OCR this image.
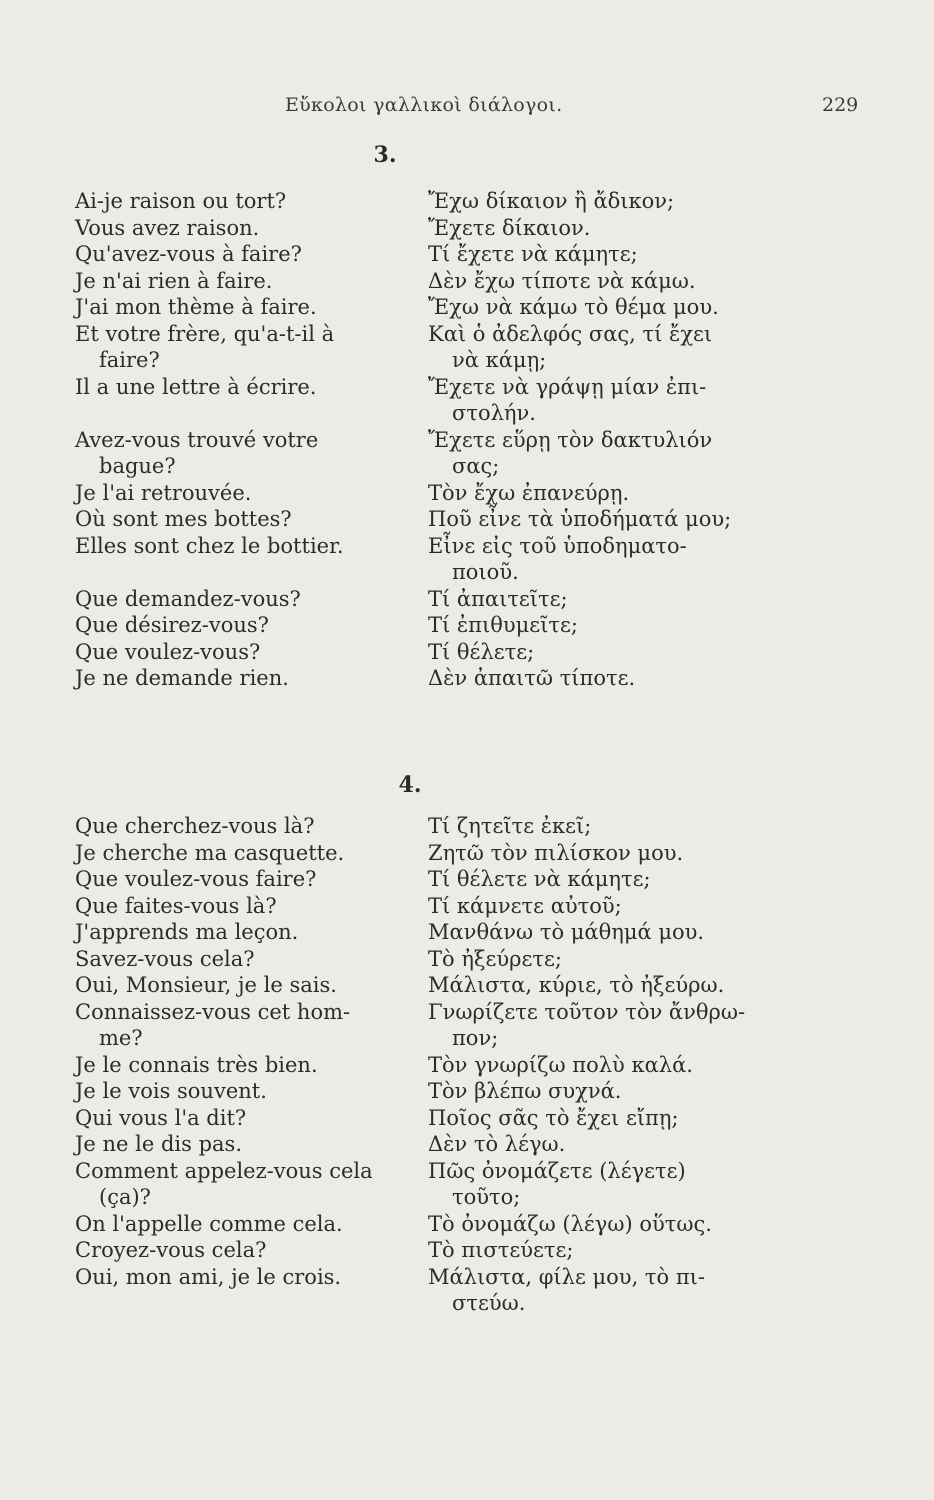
Εὔκολοι γαλλικοὶ διάλογοι.	229
3.
Ai-je raison ou tort?
Vous avez raison.
Qu'avez-vous à faire?
Je n'ai rien à faire.
J'ai mon thème à faire.
Et votre frère, qu'a-t-il à
faire?
Il a une lettre à écrire.
Avez-vous trouvé votre
bague?
Je l'ai retrouvée.
Où sont mes bottes?
Elles sont chez le bottier.
Que demandez-vous?
Que désirez-vous?
Que voulez-vous?
Je ne demande rien.
Ἔχω δίκαιον ἢ ἄδικον;
Ἔχετε δίκαιον.
Τί ἔχετε νὰ κάμητε;
Δὲν ἔχω τίποτε νὰ κάμω.
Ἔχω νὰ κάμω τὸ θέμα μου.
Καὶ ὁ ἀδελφός σας, τί ἔχει
νὰ κάμῃ;
Ἔχετε νὰ γράψῃ μίαν ἐπι-
στολήν.
Ἔχετε εὕρῃ τὸν δακτυλιόν
σας;
Τὸν ἔχω ἐπανεύρῃ.
Ποῦ εἶνε τὰ ὑποδήματά μου;
Εἶνε εἰς τοῦ ὑποδηματο-
ποιοῦ.
Τί ἀπαιτεῖτε;
Τί ἐπιθυμεῖτε;
Τί θέλετε;
Δὲν ἀπαιτῶ τίποτε.
4.
Que cherchez-vous là?
Je cherche ma casquette.
Que voulez-vous faire?
Que faites-vous là?
J'apprends ma leçon.
Savez-vous cela?
Oui, Monsieur, je le sais.
Connaissez-vous cet hom-
me?
Je le connais très bien.
Je le vois souvent.
Qui vous l'a dit?
Je ne le dis pas.
Comment appelez-vous cela
(ça)?
On l'appelle comme cela.
Croyez-vous cela?
Oui, mon ami, je le crois.
Τί ζητεῖτε ἐκεῖ;
Ζητῶ τὸν πιλίσκον μου.
Τί θέλετε νὰ κάμητε;
Τί κάμνετε αὐτοῦ;
Μανθάνω τὸ μάθημά μου.
Τὸ ἠξεύρετε;
Μάλιστα, κύριε, τὸ ἠξεύρω.
Γνωρίζετε τοῦτον τὸν ἄνθρω-
πον;
Τὸν γνωρίζω πολὺ καλά.
Τὸν βλέπω συχνά.
Ποῖος σᾶς τὸ ἔχει εἴπῃ;
Δὲν τὸ λέγω.
Πῶς ὀνομάζετε (λέγετε)
τοῦτο;
Τὸ ὀνομάζω (λέγω) οὕτως.
Τὸ πιστεύετε;
Μάλιστα, φίλε μου, τὸ πι-
στεύω.
